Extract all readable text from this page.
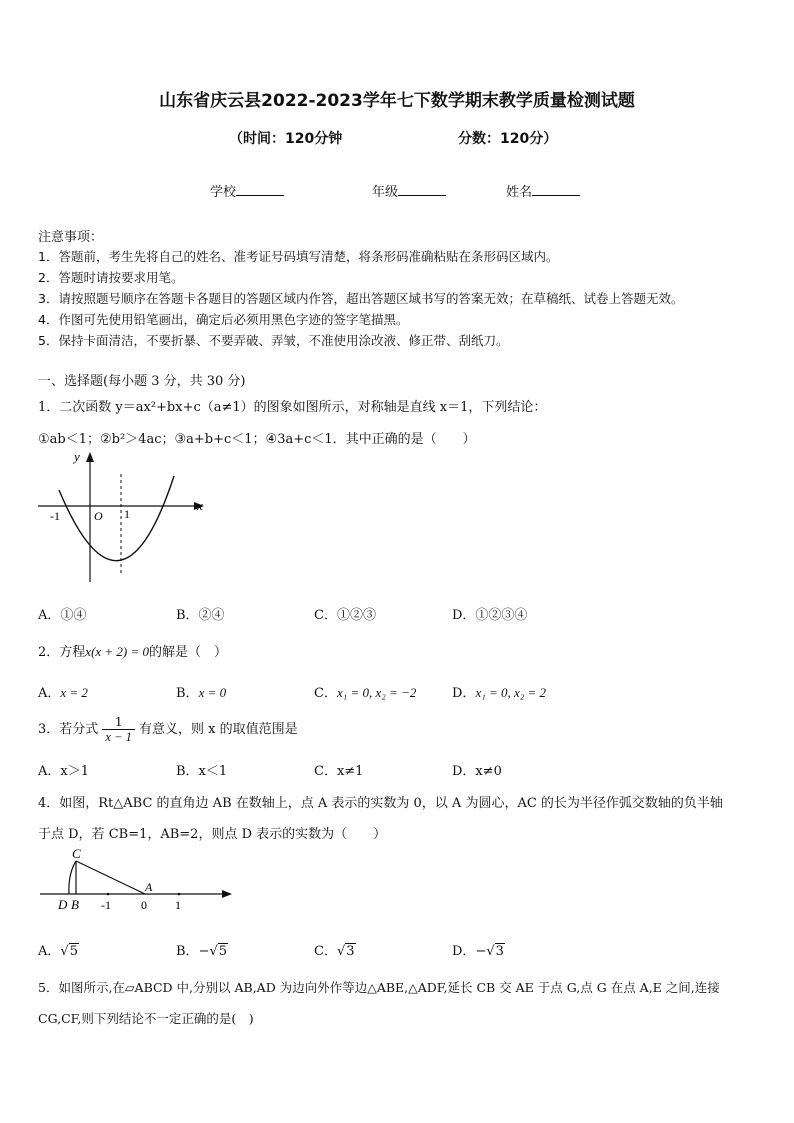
山东省庆云县2022-2023学年七下数学期末教学质量检测试题
（时间：120分钟	分数：120分）
学校	年级	姓名
注意事项：
1．答题前，考生先将自己的姓名、准考证号码填写清楚，将条形码准确粘贴在条形码区域内。
2．答题时请按要求用笔。
3．请按照题号顺序在答题卡各题目的答题区域内作答，超出答题区域书写的答案无效；在草稿纸、试卷上答题无效。
4．作图可先使用铅笔画出，确定后必须用黑色字迹的签字笔描黑。
5．保持卡面清洁，不要折暴、不要弄破、弄皱，不准使用涂改液、修正带、刮纸刀。
一、选择题(每小题 3 分，共 30 分)
1．二次函数 y＝ax²+bx+c（a≠1）的图象如图所示，对称轴是直线 x＝1，下列结论：
①ab＜1；②b²＞4ac；③a+b+c＜1；④3a+c＜1．其中正确的是（　　）
y
x
-1	O 1
A．①④	B．②④	C．①②③	D．①②③④
2．方程x(x + 2) = 0的解是（　）
A．x = 2	B．x = 0	C．x₁ = 0, x₂ = −2	D．x₁ = 0, x₂ = 2
3．若分式 $\frac{1}{x - 1}$ 有意义，则 x 的取值范围是
A．x＞1	B．x＜1	C．x≠1	D．x≠0
4．如图，Rt△ABC 的直角边 AB 在数轴上，点 A 表示的实数为 0，以 A 为圆心，AC 的长为半径作弧交数轴的负半轴
于点 D，若 CB=1，AB=2，则点 D 表示的实数为（　　）
C
A
D B -1	0 1
A．√5	B．−√5	C．√3	D．−√3
5．如图所示,在▱ABCD 中,分别以 AB,AD 为边向外作等边△ABE,△ADF,延长 CB 交 AE 于点 G,点 G 在点 A,E 之间,连接
CG,CF,则下列结论不一定正确的是(　)
